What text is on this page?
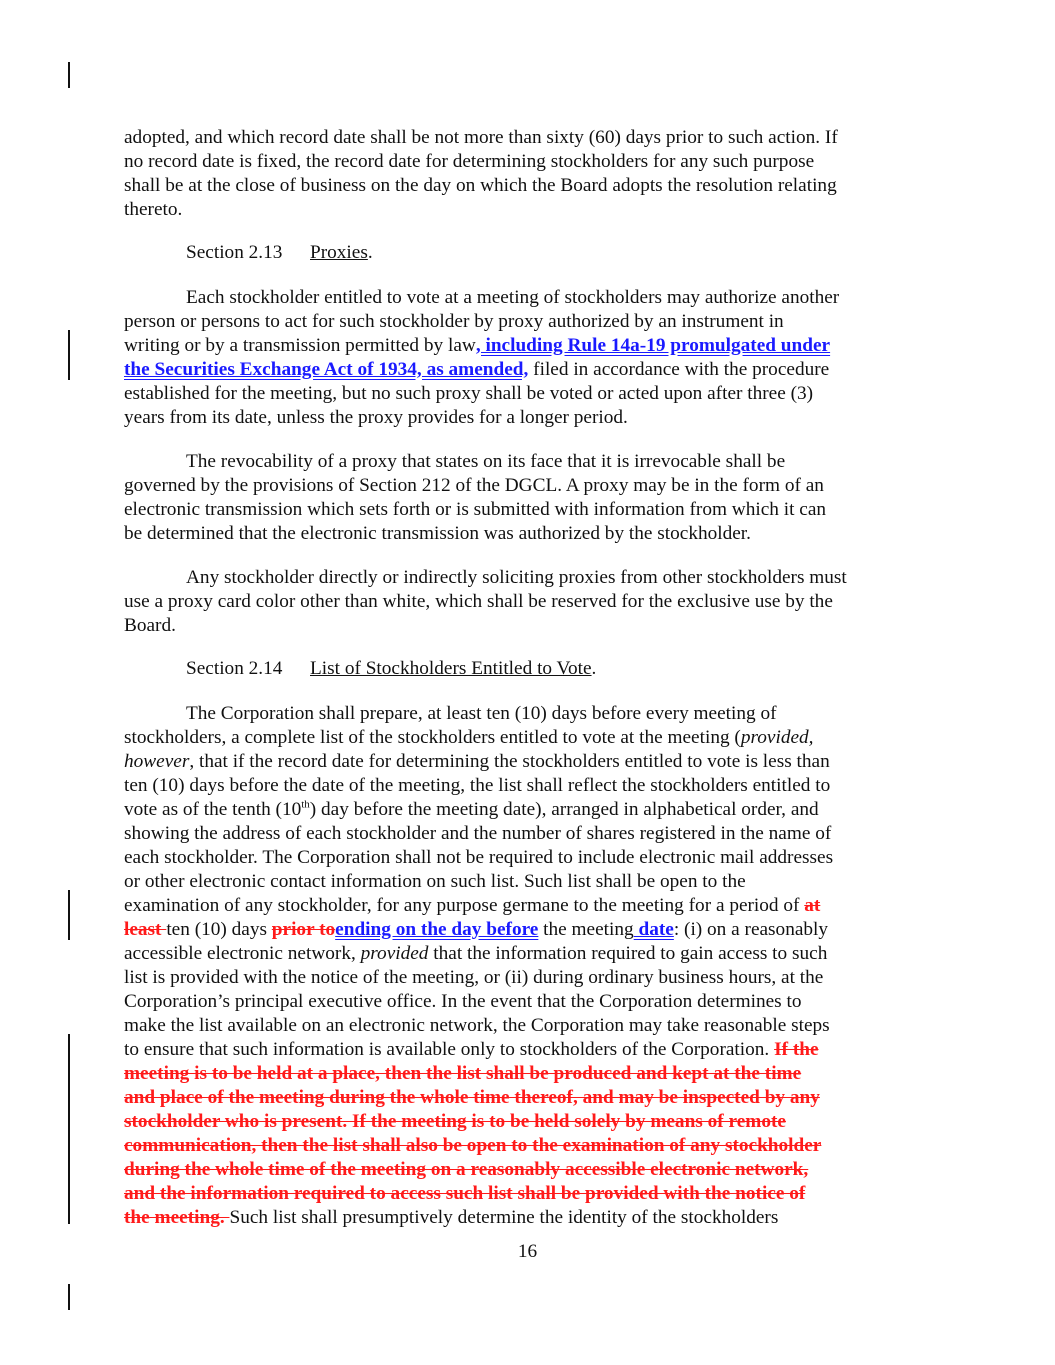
adopted, and which record date shall be not more than sixty (60) days prior to such action. If
no record date is fixed, the record date for determining stockholders for any such purpose
shall be at the close of business on the day on which the Board adopts the resolution relating
thereto.
Section 2.13 Proxies.
Each stockholder entitled to vote at a meeting of stockholders may authorize another
person or persons to act for such stockholder by proxy authorized by an instrument in
writing or by a transmission permitted by law, including Rule 14a-19 promulgated under
the Securities Exchange Act of 1934, as amended, filed in accordance with the procedure
established for the meeting, but no such proxy shall be voted or acted upon after three (3)
years from its date, unless the proxy provides for a longer period.
The revocability of a proxy that states on its face that it is irrevocable shall be
governed by the provisions of Section 212 of the DGCL. A proxy may be in the form of an
electronic transmission which sets forth or is submitted with information from which it can
be determined that the electronic transmission was authorized by the stockholder.
Any stockholder directly or indirectly soliciting proxies from other stockholders must
use a proxy card color other than white, which shall be reserved for the exclusive use by the
Board.
Section 2.14 List of Stockholders Entitled to Vote.
The Corporation shall prepare, at least ten (10) days before every meeting of
stockholders, a complete list of the stockholders entitled to vote at the meeting (provided,
however, that if the record date for determining the stockholders entitled to vote is less than
ten (10) days before the date of the meeting, the list shall reflect the stockholders entitled to
vote as of the tenth (10th) day before the meeting date), arranged in alphabetical order, and
showing the address of each stockholder and the number of shares registered in the name of
each stockholder. The Corporation shall not be required to include electronic mail addresses
or other electronic contact information on such list. Such list shall be open to the
examination of any stockholder, for any purpose germane to the meeting for a period of at
least ten (10) days prior toending on the day before the meeting date: (i) on a reasonably
accessible electronic network, provided that the information required to gain access to such
list is provided with the notice of the meeting, or (ii) during ordinary business hours, at the
Corporation’s principal executive office. In the event that the Corporation determines to
make the list available on an electronic network, the Corporation may take reasonable steps
to ensure that such information is available only to stockholders of the Corporation. If the
meeting is to be held at a place, then the list shall be produced and kept at the time
and place of the meeting during the whole time thereof, and may be inspected by any
stockholder who is present. If the meeting is to be held solely by means of remote
communication, then the list shall also be open to the examination of any stockholder
during the whole time of the meeting on a reasonably accessible electronic network,
and the information required to access such list shall be provided with the notice of
the meeting. Such list shall presumptively determine the identity of the stockholders
16
